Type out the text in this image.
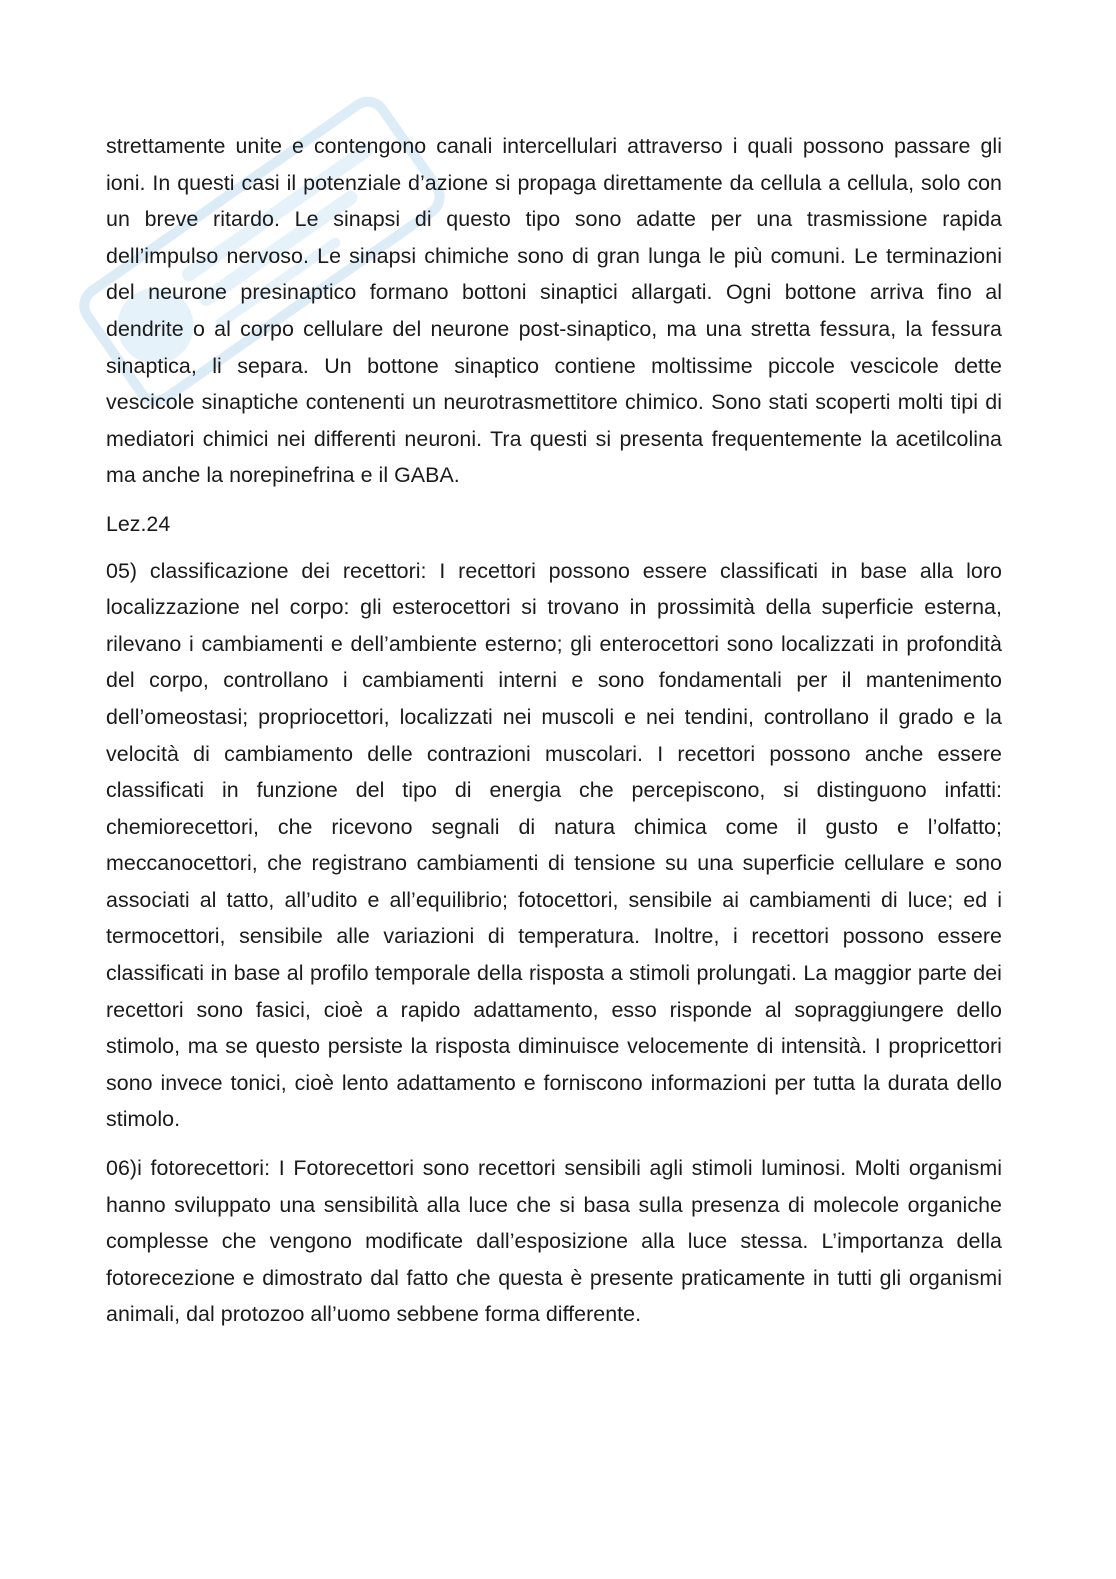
strettamente unite e contengono canali intercellulari attraverso i quali possono passare gli ioni. In questi casi il potenziale d’azione si propaga direttamente da cellula a cellula, solo con un breve ritardo. Le sinapsi di questo tipo sono adatte per una trasmissione rapida dell’impulso nervoso. Le sinapsi chimiche sono di gran lunga le più comuni. Le terminazioni del neurone presinaptico formano bottoni sinaptici allargati. Ogni bottone arriva fino al dendrite o al corpo cellulare del neurone post-sinaptico, ma una stretta fessura, la fessura sinaptica, li separa. Un bottone sinaptico contiene moltissime piccole vescicole dette vescicole sinaptiche contenenti un neurotrasmettitore chimico. Sono stati scoperti molti tipi di mediatori chimici nei differenti neuroni. Tra questi si presenta frequentemente la acetilcolina ma anche la norepinefrina e il GABA.

Lez.24

05) classificazione dei recettori: I recettori possono essere classificati in base alla loro localizzazione nel corpo: gli esterocettori si trovano in prossimità della superficie esterna, rilevano i cambiamenti e dell’ambiente esterno; gli enterocettori sono localizzati in profondità del corpo, controllano i cambiamenti interni e sono fondamentali per il mantenimento dell’omeostasi; propriocettori, localizzati nei muscoli e nei tendini, controllano il grado e la velocità di cambiamento delle contrazioni muscolari. I recettori possono anche essere classificati in funzione del tipo di energia che percepiscono, si distinguono infatti: chemiorecettori, che ricevono segnali di natura chimica come il gusto e l’olfatto; meccanocettori, che registrano cambiamenti di tensione su una superficie cellulare e sono associati al tatto, all’udito e all’equilibrio; fotocettori, sensibile ai cambiamenti di luce; ed i termocettori, sensibile alle variazioni di temperatura. Inoltre, i recettori possono essere classificati in base al profilo temporale della risposta a stimoli prolungati. La maggior parte dei recettori sono fasici, cioè a rapido adattamento, esso risponde al sopraggiungere dello stimolo, ma se questo persiste la risposta diminuisce velocemente di intensità. I propricettori sono invece tonici, cioè lento adattamento e forniscono informazioni per tutta la durata dello stimolo.

06)i fotorecettori: I Fotorecettori sono recettori sensibili agli stimoli luminosi. Molti organismi hanno sviluppato una sensibilità alla luce che si basa sulla presenza di molecole organiche complesse che vengono modificate dall’esposizione alla luce stessa. L’importanza della fotorecezione e dimostrato dal fatto che questa è presente praticamente in tutti gli organismi animali, dal protozoo all’uomo sebbene forma differente.
